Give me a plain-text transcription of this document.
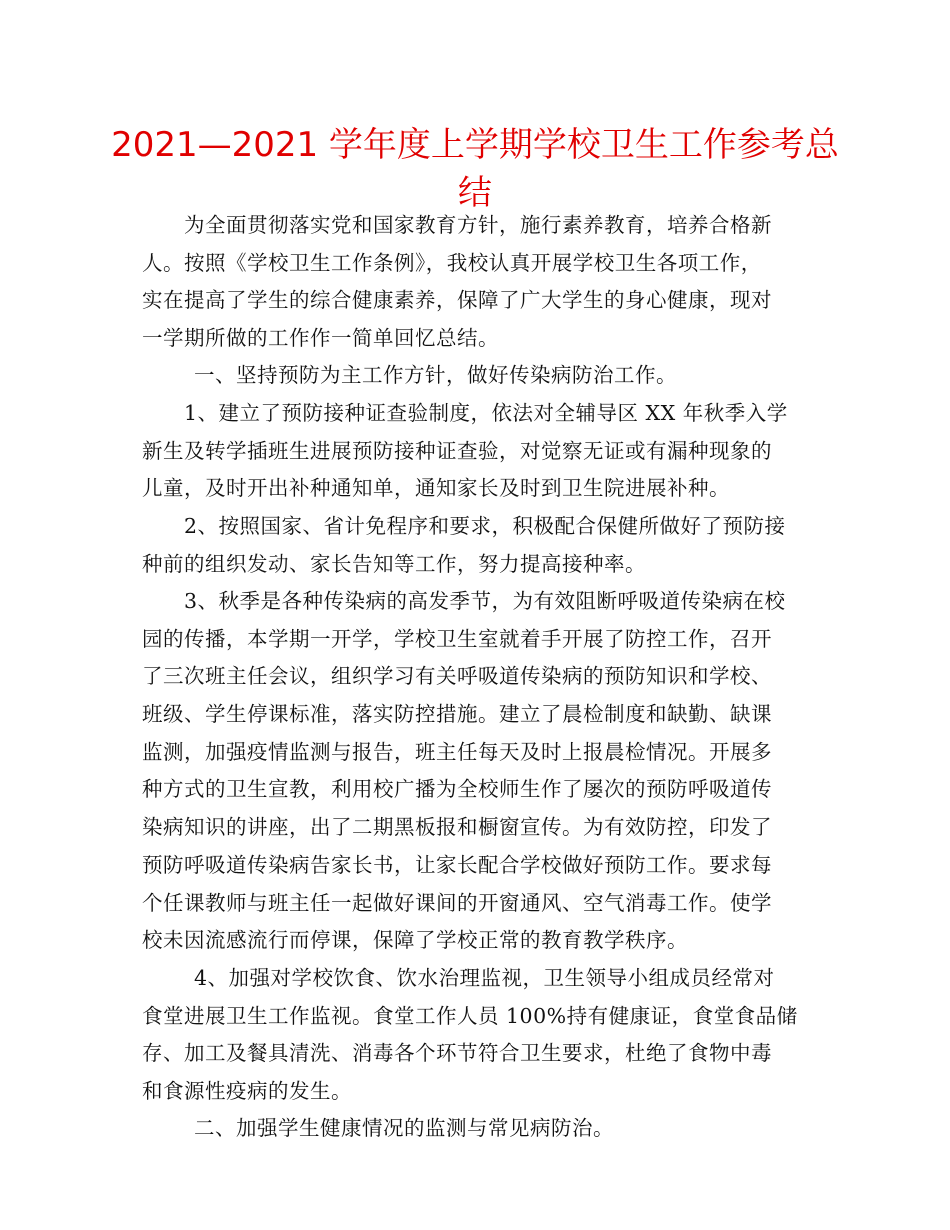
2021—2021 学年度上学期学校卫生工作参考总
结
为全面贯彻落实党和国家教育方针，施行素养教育，培养合格新
人。按照《学校卫生工作条例》，我校认真开展学校卫生各项工作，
实在提高了学生的综合健康素养，保障了广大学生的身心健康，现对
一学期所做的工作作一简单回忆总结。
一、坚持预防为主工作方针，做好传染病防治工作。
1、建立了预防接种证查验制度，依法对全辅导区 XX 年秋季入学
新生及转学插班生进展预防接种证查验，对觉察无证或有漏种现象的
儿童，及时开出补种通知单，通知家长及时到卫生院进展补种。
2、按照国家、省计免程序和要求，积极配合保健所做好了预防接
种前的组织发动、家长告知等工作，努力提高接种率。
3、秋季是各种传染病的高发季节，为有效阻断呼吸道传染病在校
园的传播，本学期一开学，学校卫生室就着手开展了防控工作，召开
了三次班主任会议，组织学习有关呼吸道传染病的预防知识和学校、
班级、学生停课标准，落实防控措施。建立了晨检制度和缺勤、缺课
监测，加强疫情监测与报告，班主任每天及时上报晨检情况。开展多
种方式的卫生宣教，利用校广播为全校师生作了屡次的预防呼吸道传
染病知识的讲座，出了二期黑板报和橱窗宣传。为有效防控，印发了
预防呼吸道传染病告家长书，让家长配合学校做好预防工作。要求每
个任课教师与班主任一起做好课间的开窗通风、空气消毒工作。使学
校未因流感流行而停课，保障了学校正常的教育教学秩序。
4、加强对学校饮食、饮水治理监视，卫生领导小组成员经常对
食堂进展卫生工作监视。食堂工作人员 100%持有健康证，食堂食品储
存、加工及餐具清洗、消毒各个环节符合卫生要求，杜绝了食物中毒
和食源性疫病的发生。
二、加强学生健康情况的监测与常见病防治。
